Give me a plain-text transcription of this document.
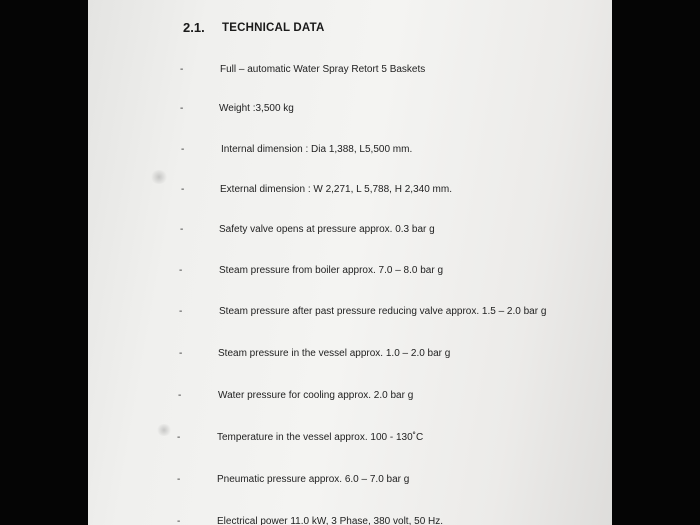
2.1. TECHNICAL DATA
-	Full – automatic Water Spray Retort 5 Baskets
-	Weight :3,500 kg
-	Internal dimension : Dia 1,388, L5,500 mm.
-	External dimension : W 2,271, L 5,788, H 2,340 mm.
-	Safety valve opens at pressure approx. 0.3 bar g
-	Steam pressure from boiler approx. 7.0 – 8.0 bar g
-	Steam pressure after past pressure reducing valve approx. 1.5 – 2.0 bar g
-	Steam pressure in the vessel approx. 1.0 – 2.0 bar g
-	Water pressure for cooling approx. 2.0 bar g
-	Temperature in the vessel approx. 100 - 130˚C
-	Pneumatic pressure approx. 6.0 – 7.0 bar g
-	Electrical power 11.0 kW, 3 Phase, 380 volt, 50 Hz.
